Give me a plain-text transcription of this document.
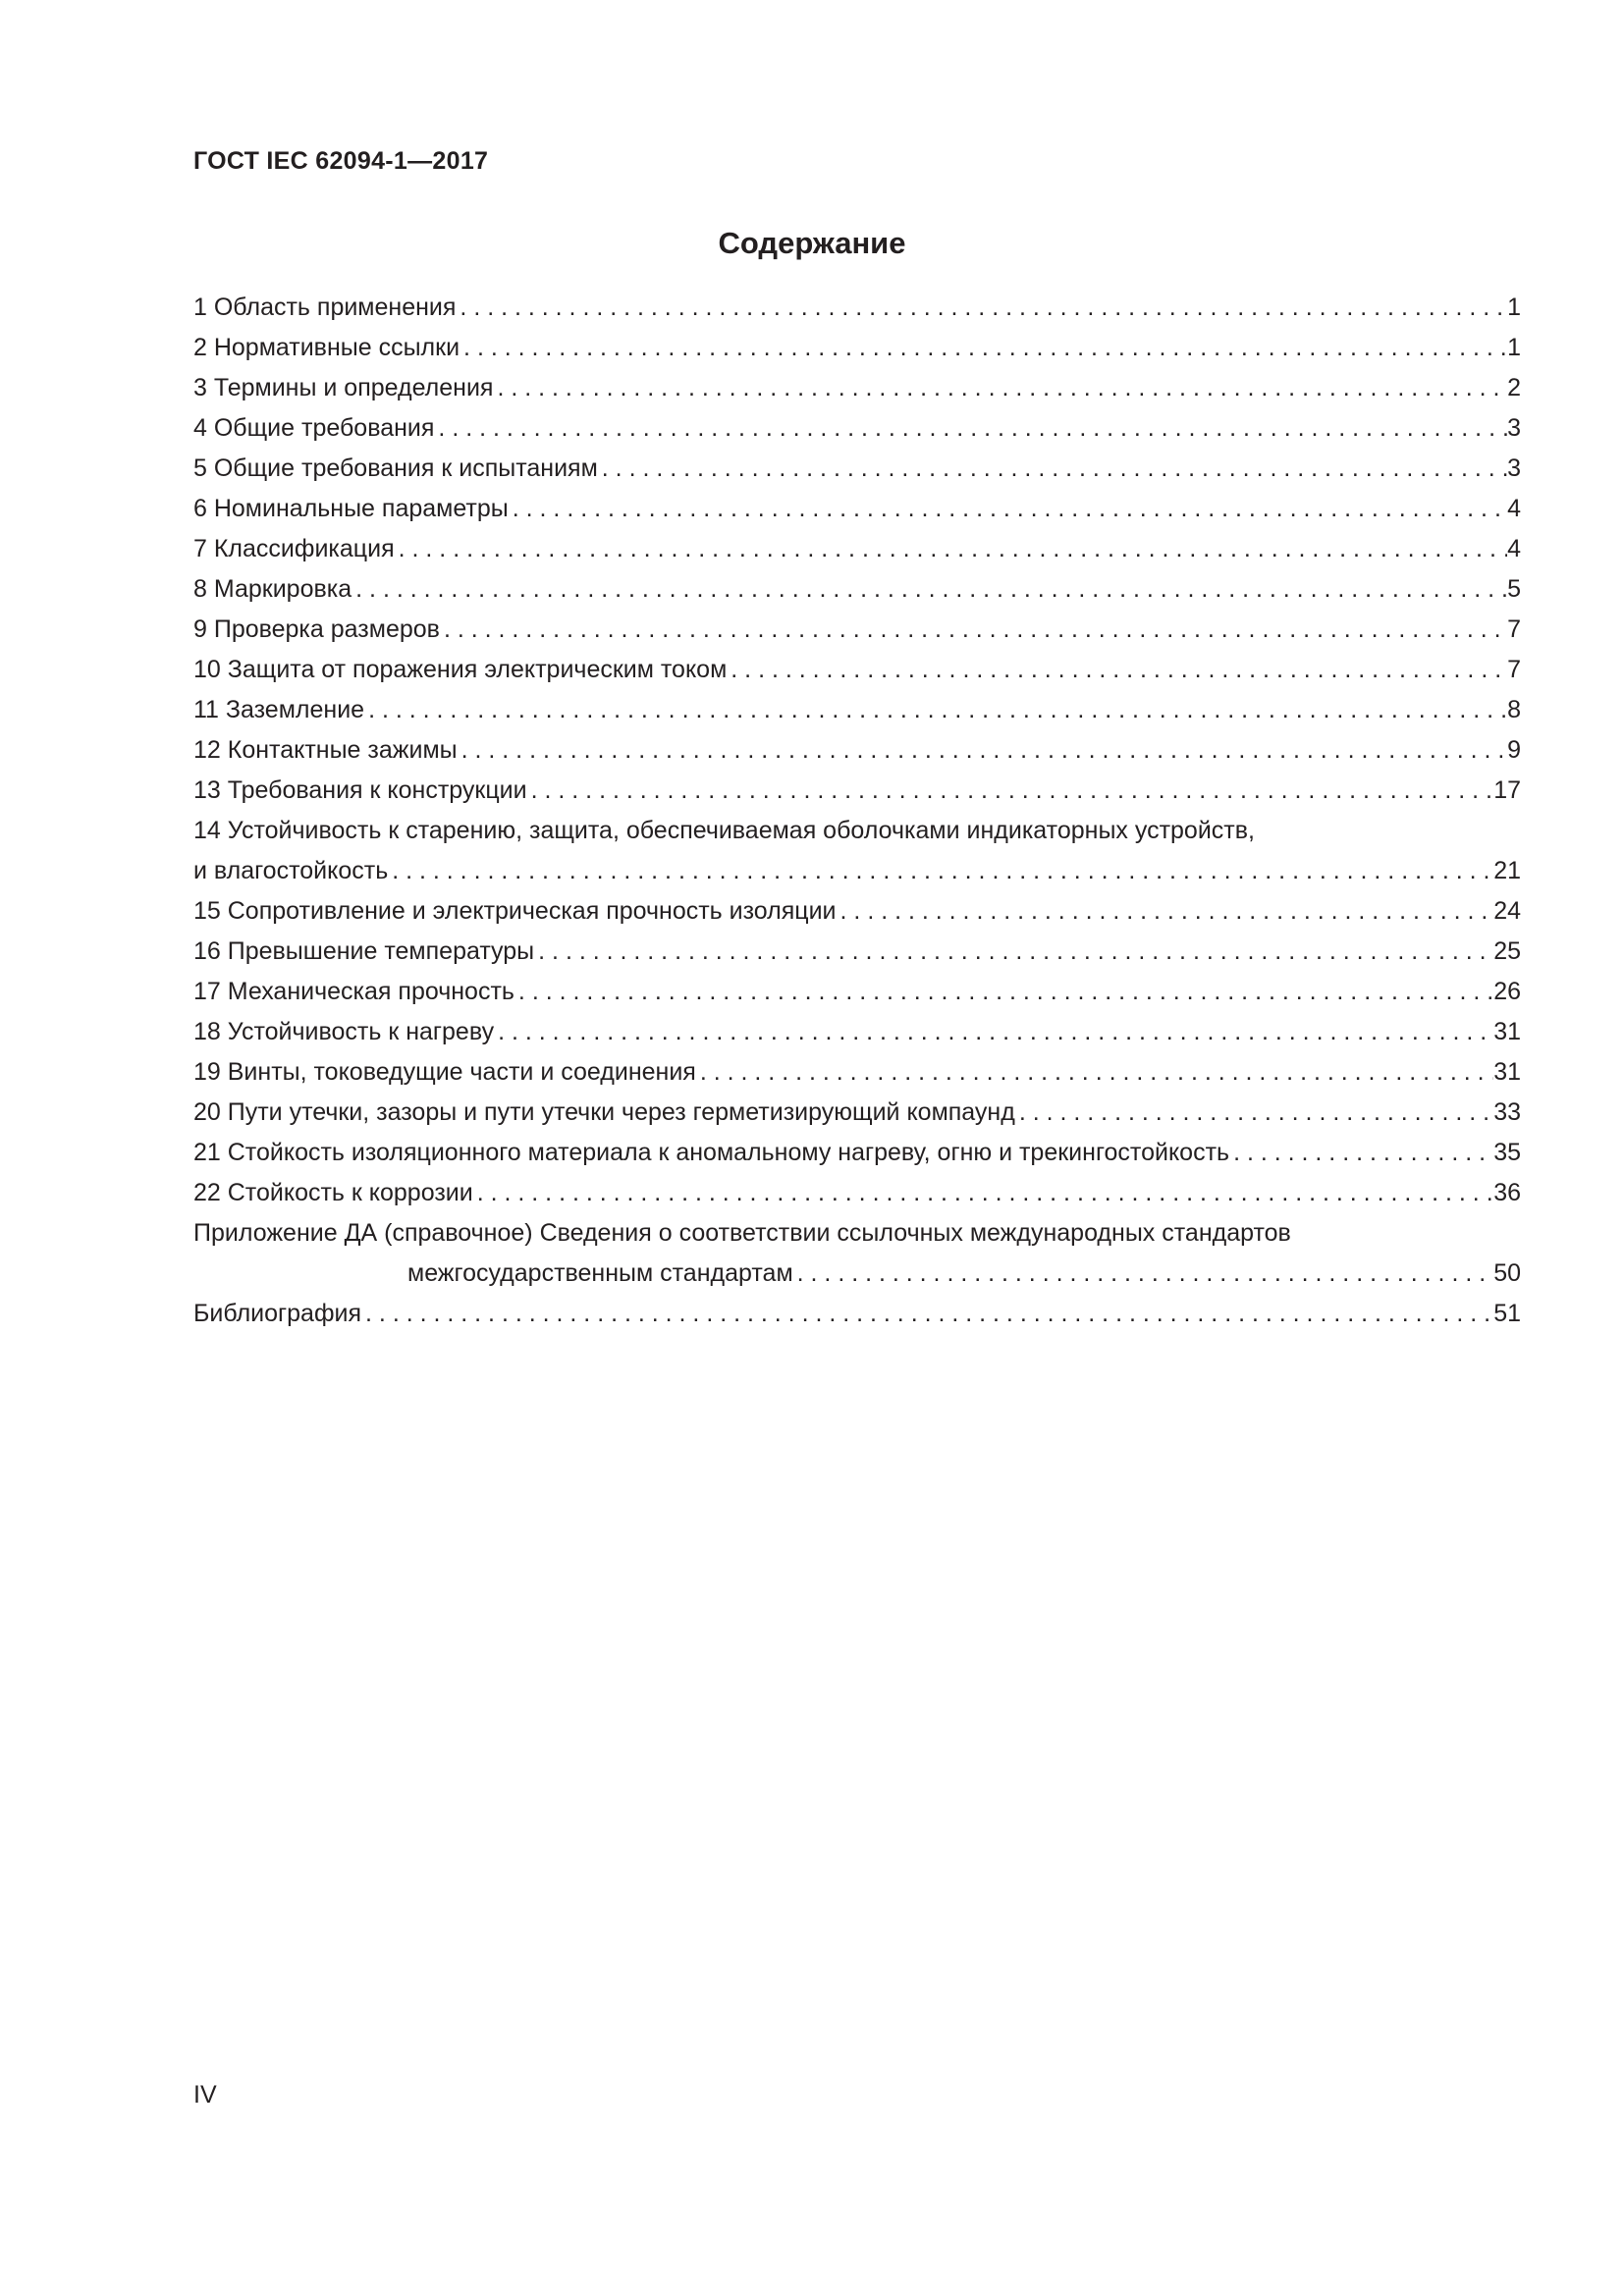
ГОСТ IEC 62094-1—2017
Содержание
1 Область применения . . .	1
2 Нормативные ссылки . . .	1
3 Термины и определения . . .	2
4 Общие требования . . .	3
5 Общие требования к испытаниям . . .	3
6 Номинальные параметры . . .	4
7 Классификация . . .	4
8 Маркировка . . .	5
9 Проверка размеров . . .	7
10 Защита от поражения электрическим током . . .	7
11 Заземление . . .	8
12 Контактные зажимы . . .	9
13 Требования к конструкции . . .	17
14 Устойчивость к старению, защита, обеспечиваемая оболочками индикаторных устройств,
и влагостойкость . . .	21
15 Сопротивление и электрическая прочность изоляции . . .	24
16 Превышение температуры . . .	25
17 Механическая прочность . . .	26
18 Устойчивость к нагреву . . .	31
19 Винты, токоведущие части и соединения . . .	31
20 Пути утечки, зазоры и пути утечки через герметизирующий компаунд . . .	33
21 Стойкость изоляционного материала к аномальному нагреву, огню и трекингостойкость . . .	35
22 Стойкость к коррозии . . .	36
Приложение ДА (справочное) Сведения о соответствии ссылочных международных стандартов
межгосударственным стандартам . . .	50
Библиография . . .	51
IV
